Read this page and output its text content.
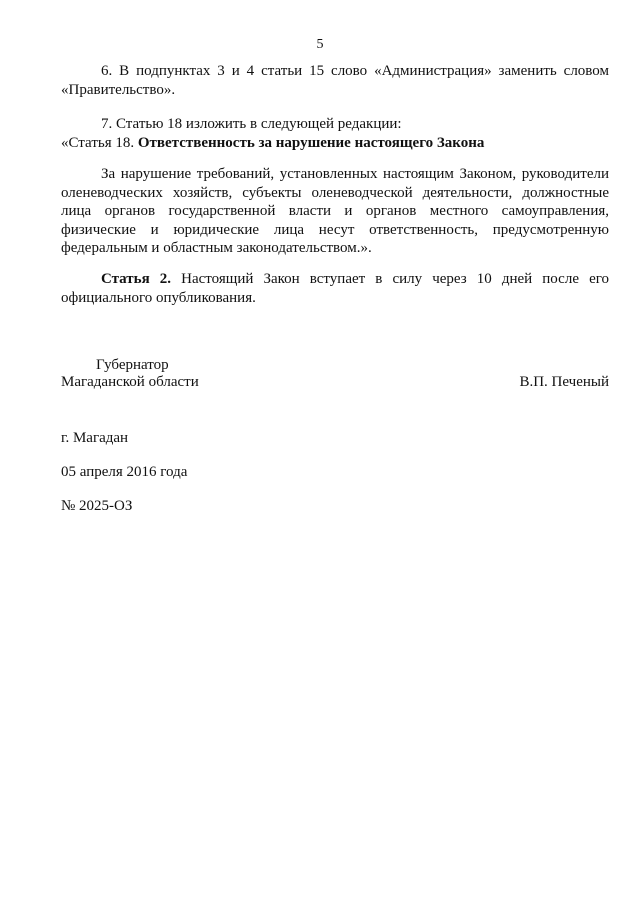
5

6. В подпунктах 3 и 4 статьи 15 слово «Администрация» заменить словом «Правительство».

7. Статью 18 изложить в следующей редакции:
«Статья 18. Ответственность за нарушение настоящего Закона

За нарушение требований, установленных настоящим Законом, руководители оленеводческих хозяйств, субъекты оленеводческой деятельности, должностные лица органов государственной власти и органов местного самоуправления, физические и юридические лица несут ответственность, предусмотренную федеральным и областным законодательством.».

Статья 2. Настоящий Закон вступает в силу через 10 дней после его официального опубликования.

Губернатор
Магаданской области	В.П. Печеный
г. Магадан
05 апреля 2016 года
№ 2025-ОЗ
